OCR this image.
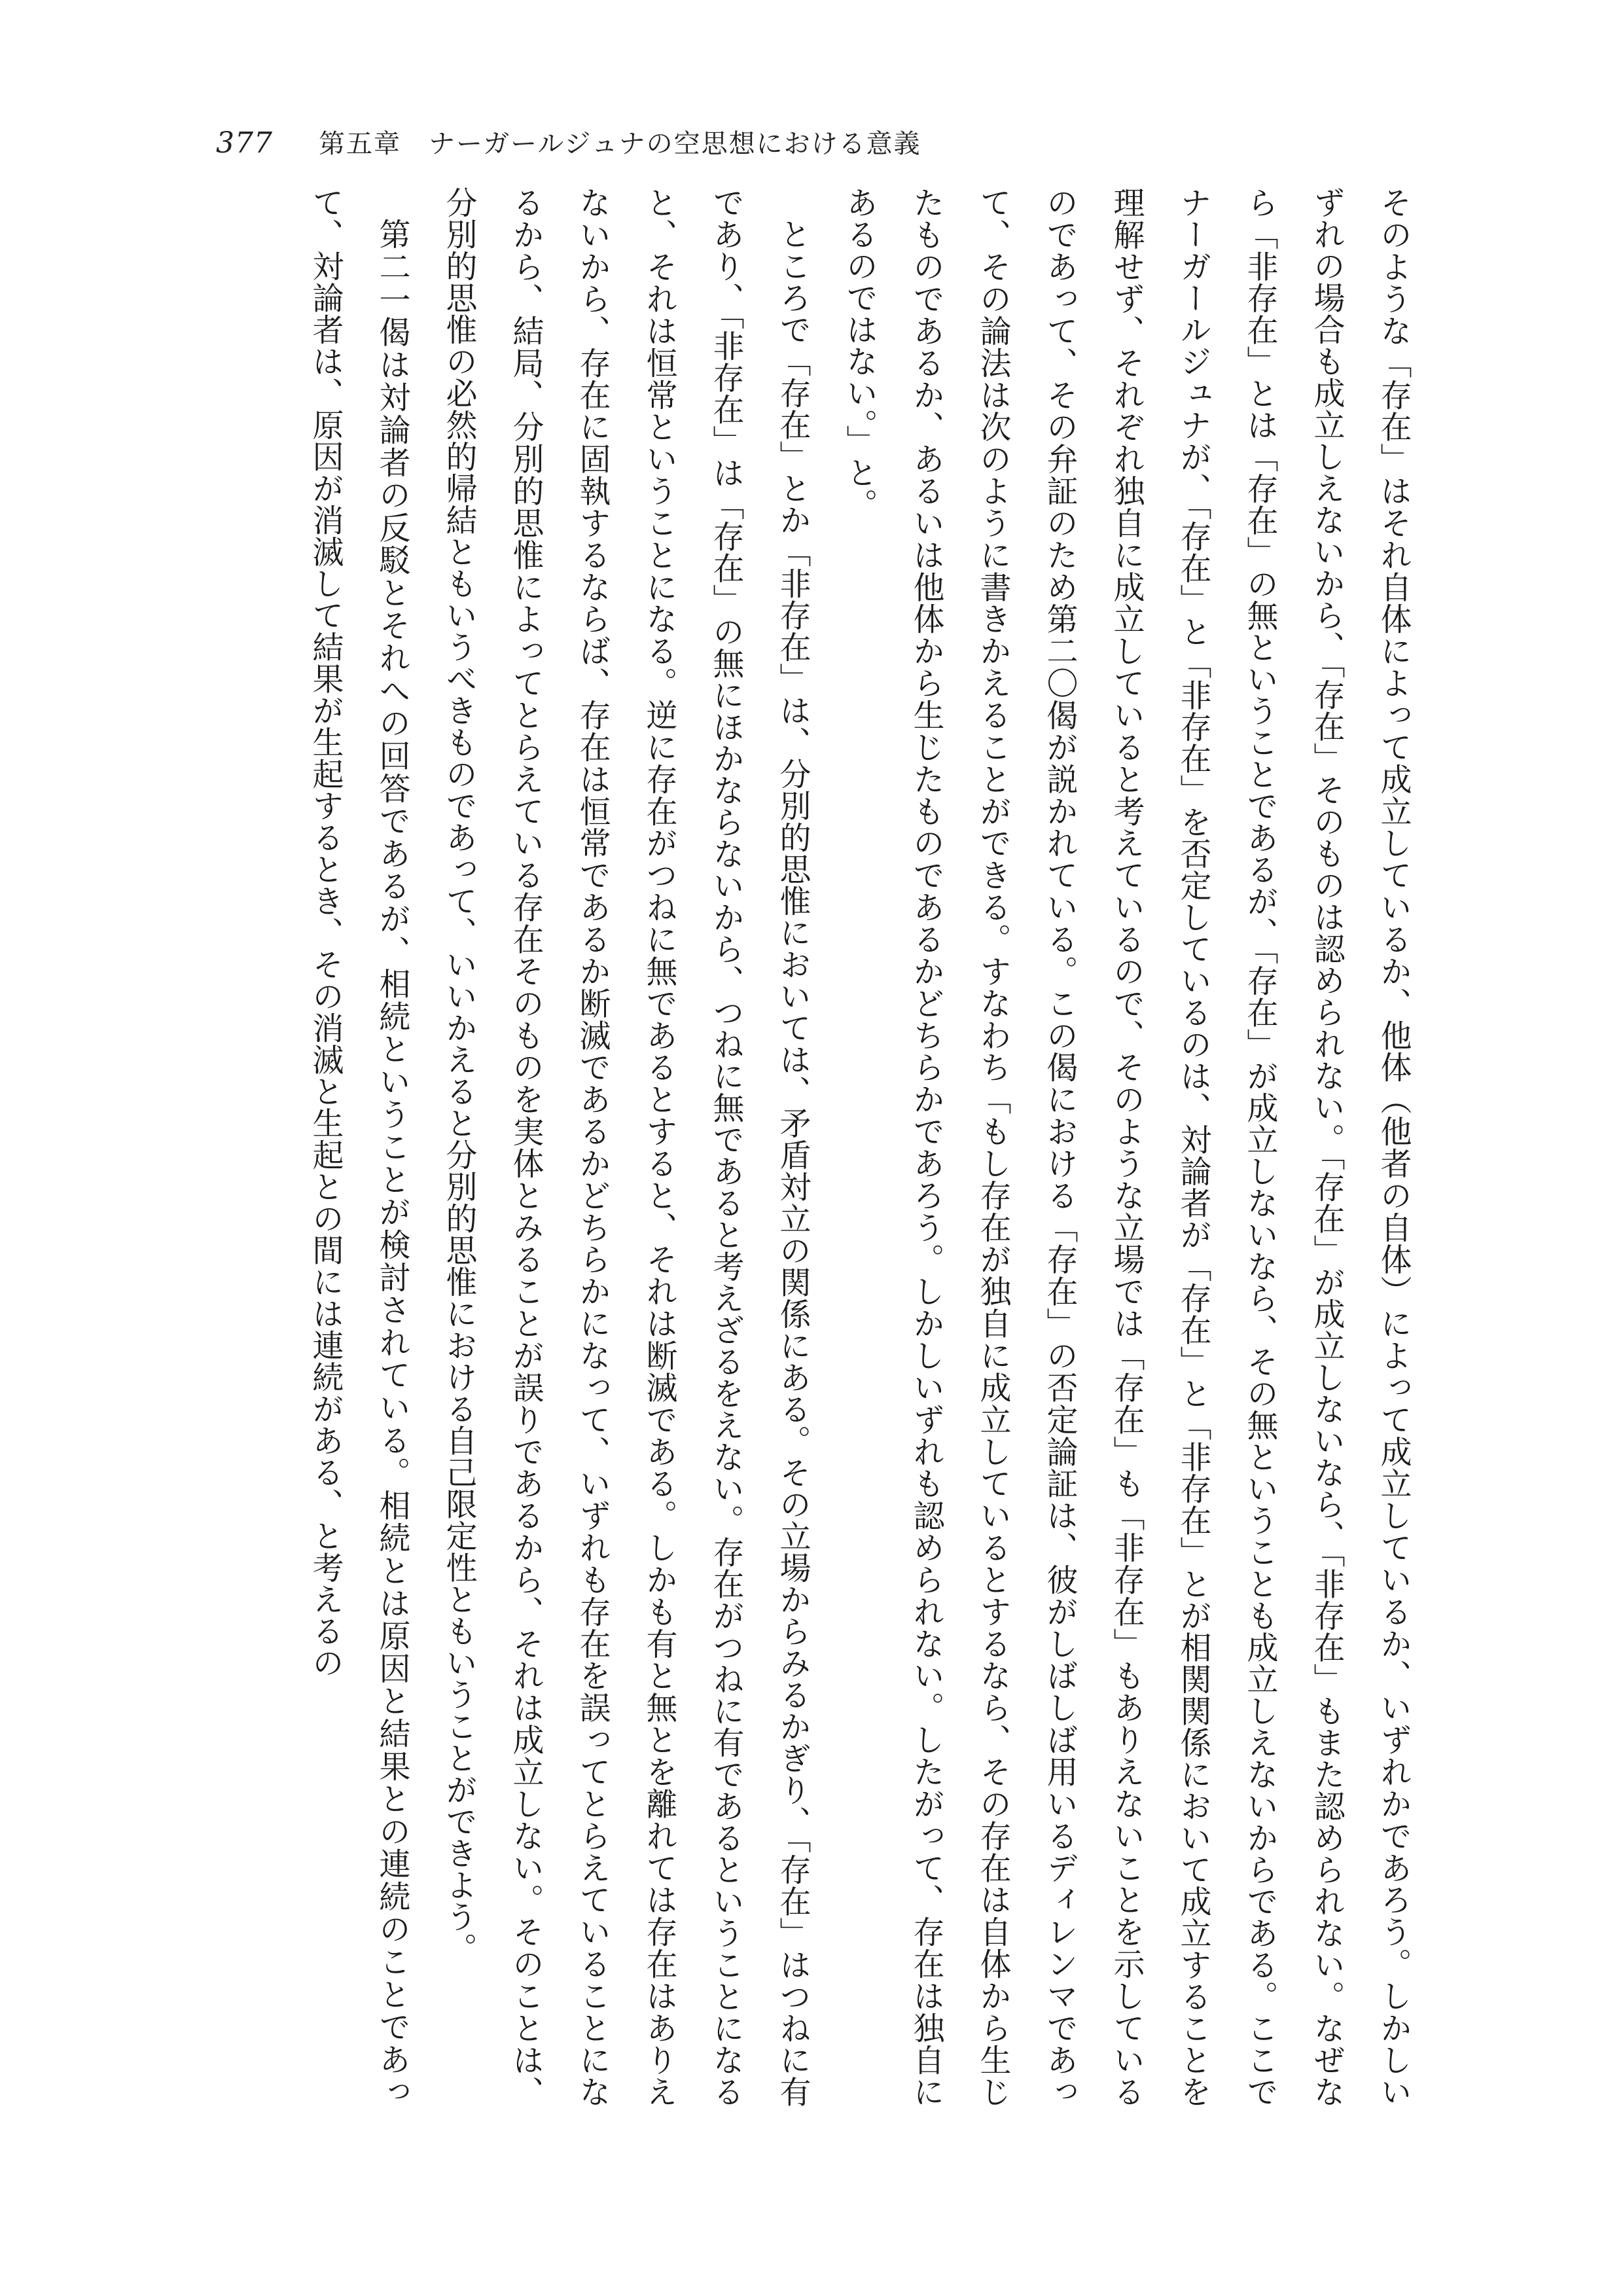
377 第五章　ナーガールジュナの空思想における意義

そのような「存在」はそれ自体によって成立しているか、他体（他者の自体）によって成立しているか、いずれかであろう。しかしいずれの場合も成立しえないから、「存在」そのものは認められない。「存在」が成立しないなら、「非存在」もまた認められない。なぜなら「非存在」とは「存在」の無ということであるが、「存在」が成立しないなら、その無ということも成立しえないからである。ここでナーガールジュナが、「存在」と「非存在」を否定しているのは、対論者が「存在」と「非存在」とが相関関係において成立することを理解せず、それぞれ独自に成立していると考えているので、そのような立場では「存在」も「非存在」もありえないことを示しているのであって、その弁証のため第二〇偈が説かれている。この偈における「存在」の否定論証は、彼がしばしば用いるディレンマであって、その論法は次のように書きかえることができる。すなわち「もし存在が独自に成立しているとするなら、その存在は自体から生じたものであるか、あるいは他体から生じたものであるかどちらかであろう。しかしいずれも認められない。したがって、存在は独自にあるのではない。」と。

ところで「存在」とか「非存在」は、分別的思惟においては、矛盾対立の関係にある。その立場からみるかぎり、「存在」はつねに有であり、「非存在」は「存在」の無にほかならないから、つねに無であると考えざるをえない。存在がつねに有であるということになると、それは恒常ということになる。逆に存在がつねに無であるとすると、それは断滅である。しかも有と無とを離れては存在はありえないから、存在に固執するならば、存在は恒常であるか断滅であるかどちらかになって、いずれも存在を誤ってとらえていることになるから、結局、分別的思惟によってとらえている存在そのものを実体とみることが誤りであるから、それは成立しない。そのことは、分別的思惟の必然的帰結ともいうべきものであって、いいかえると分別的思惟における自己限定性ともいうことができよう。

第二一偈は対論者の反駁とそれへの回答であるが、相続ということが検討されている。相続とは原因と結果との連続のことであって、対論者は、原因が消滅して結果が生起するとき、その消滅と生起との間には連続がある、と考えるの
